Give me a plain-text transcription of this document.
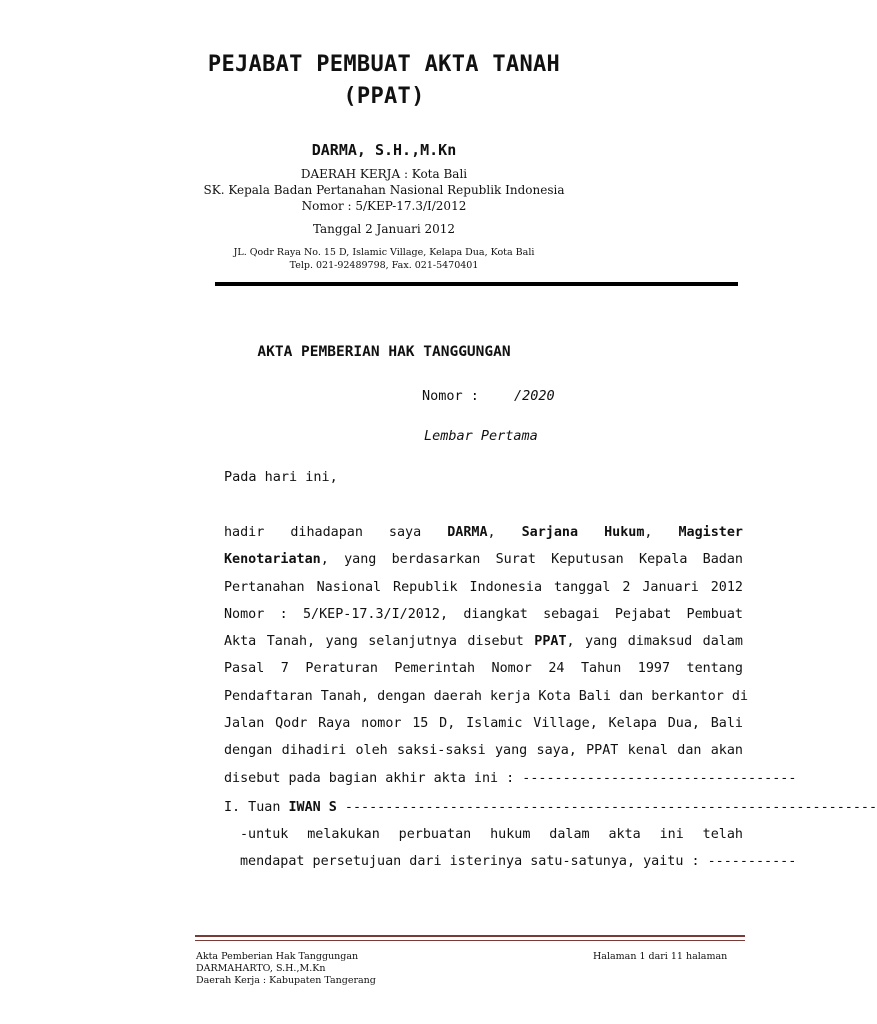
PEJABAT PEMBUAT AKTA TANAH
(PPAT)
DARMA, S.H.,M.Kn
DAERAH KERJA : Kota Bali
SK. Kepala Badan Pertanahan Nasional Republik Indonesia
Nomor : 5/KEP-17.3/I/2012
Tanggal 2 Januari 2012
JL. Qodr Raya No. 15 D, Islamic Village, Kelapa Dua, Kota Bali
Telp. 021-92489798, Fax. 021-5470401
AKTA PEMBERIAN HAK TANGGUNGAN
Nomor :	/2020
Lembar Pertama
Pada hari ini,
hadir dihadapan saya DARMA, Sarjana Hukum, Magister
Kenotariatan, yang berdasarkan Surat Keputusan Kepala Badan
Pertanahan Nasional Republik Indonesia tanggal 2 Januari 2012
Nomor : 5/KEP-17.3/I/2012, diangkat sebagai Pejabat Pembuat
Akta Tanah, yang selanjutnya disebut PPAT, yang dimaksud dalam
Pasal 7 Peraturan Pemerintah Nomor 24 Tahun 1997 tentang
Pendaftaran Tanah, dengan daerah kerja Kota Bali dan berkantor di
Jalan Qodr Raya nomor 15 D, Islamic Village, Kelapa Dua, Bali
dengan dihadiri oleh saksi-saksi yang saya, PPAT kenal dan akan
disebut pada bagian akhir akta ini : ----------------------------------
I. Tuan IWAN S ------------------------------------------------------------------
-untuk melakukan perbuatan hukum dalam akta ini telah
mendapat persetujuan dari isterinya satu-satunya, yaitu : -----------
Akta Pemberian Hak Tanggungan	Halaman 1 dari 11 halaman
DARMAHARTO, S.H.,M.Kn
Daerah Kerja : Kabupaten Tangerang
